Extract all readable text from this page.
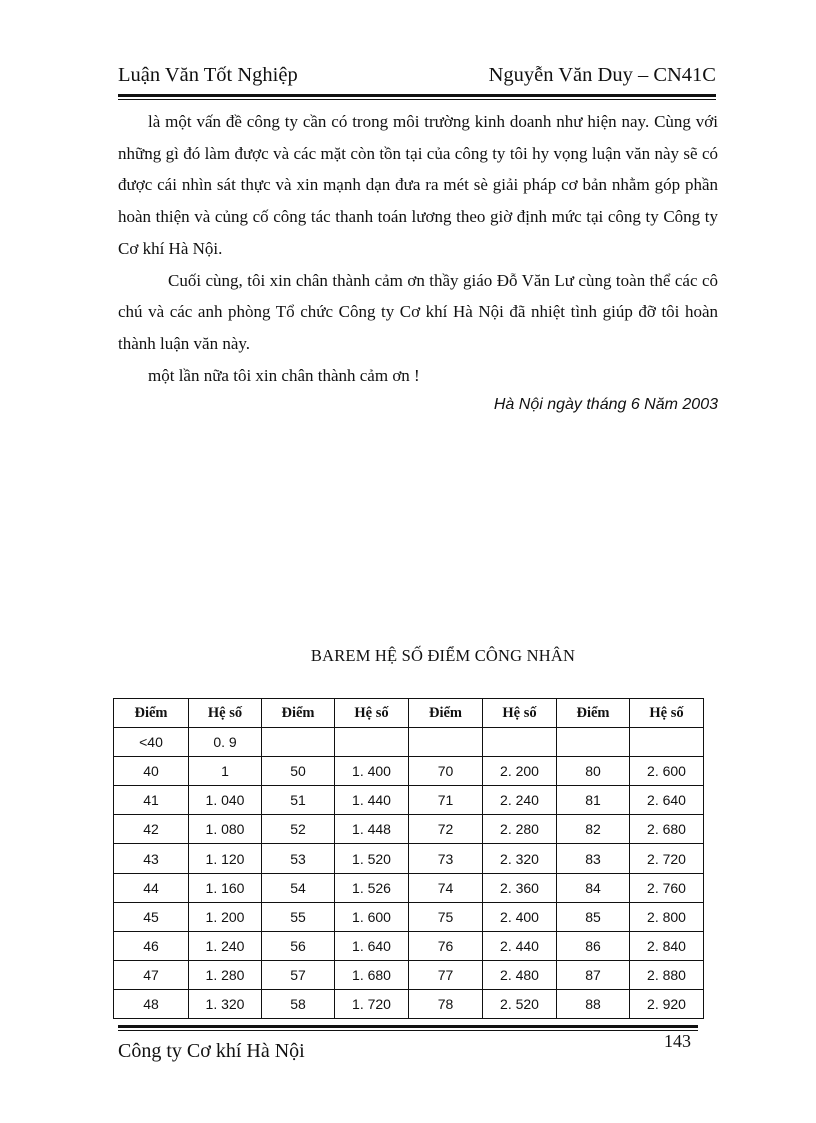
Luận Văn Tốt Nghiệp	Nguyễn Văn Duy – CN41C

là một vấn đề công ty cần có trong môi trường kinh doanh như hiện nay. Cùng với những gì đó làm được và các mặt còn tồn tại của công ty tôi hy vọng luận văn này sẽ có được cái nhìn sát thực và xin mạnh dạn đưa ra mét sè giải pháp cơ bản nhằm góp phần hoàn thiện và củng cố công tác thanh toán lương theo giờ định mức tại công ty Công ty Cơ khí Hà Nội.

Cuối cùng, tôi xin chân thành cảm ơn thầy giáo Đỗ Văn Lư cùng toàn thể các cô chú và các anh phòng Tổ chức Công ty Cơ khí Hà Nội đã nhiệt tình giúp đỡ tôi hoàn thành luận văn này.

một lần nữa tôi xin chân thành cảm ơn !

Hà Nội ngày tháng 6 Năm 2003
BAREM HỆ SỐ ĐIỂM CÔNG NHÂN
Điểm	Hệ số	Điểm	Hệ số	Điểm	Hệ số	Điểm	Hệ số
<40	0. 9						
40	1	50	1. 400	70	2. 200	80	2. 600
41	1. 040	51	1. 440	71	2. 240	81	2. 640
42	1. 080	52	1. 448	72	2. 280	82	2. 680
43	1. 120	53	1. 520	73	2. 320	83	2. 720
44	1. 160	54	1. 526	74	2. 360	84	2. 760
45	1. 200	55	1. 600	75	2. 400	85	2. 800
46	1. 240	56	1. 640	76	2. 440	86	2. 840
47	1. 280	57	1. 680	77	2. 480	87	2. 880
48	1. 320	58	1. 720	78	2. 520	88	2. 920
Công ty Cơ khí Hà Nội	143
